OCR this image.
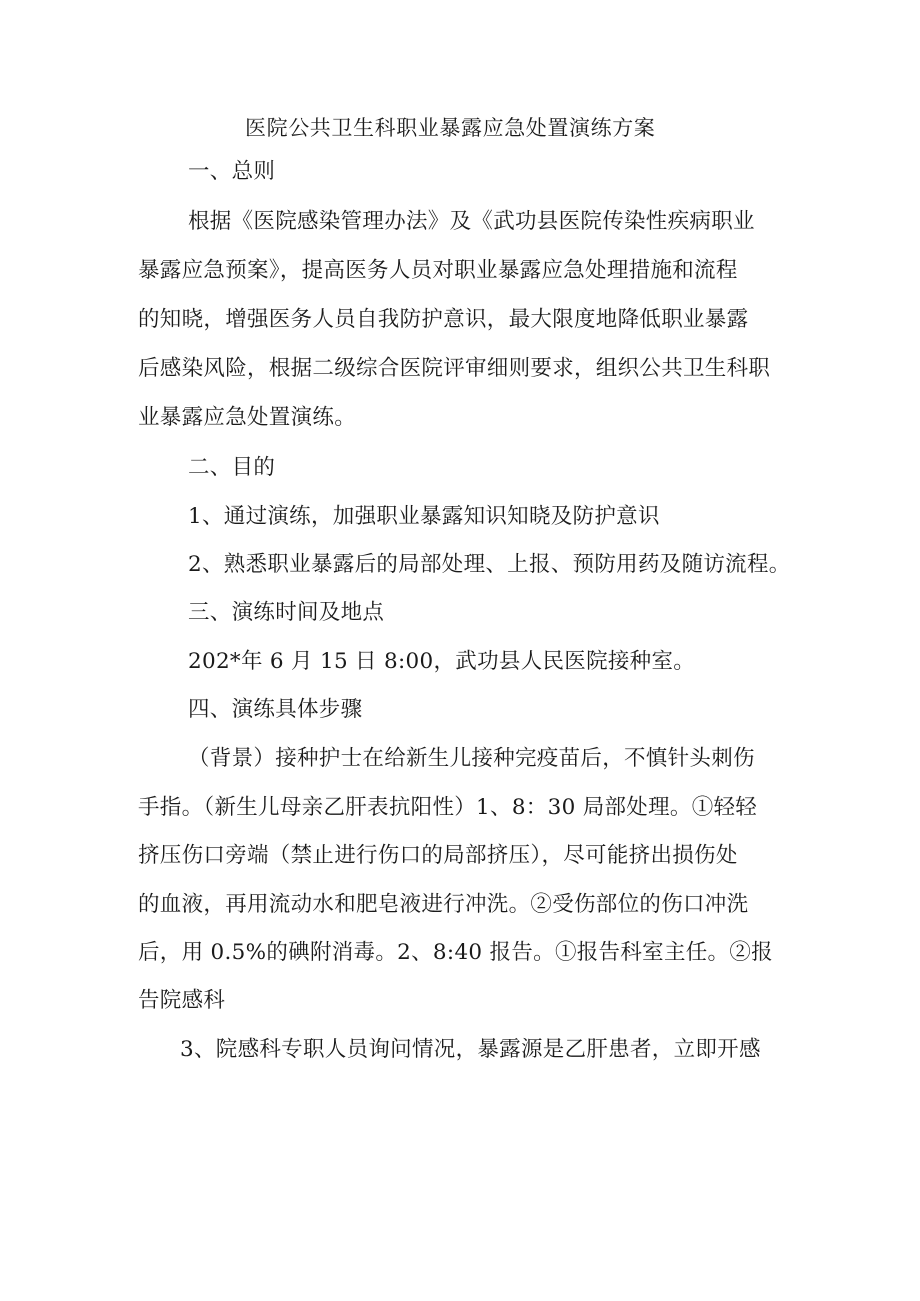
医院公共卫生科职业暴露应急处置演练方案

一、总则

根据《医院感染管理办法》及《武功县医院传染性疾病职业

暴露应急预案》，提高医务人员对职业暴露应急处理措施和流程

的知晓，增强医务人员自我防护意识，最大限度地降低职业暴露

后感染风险，根据二级综合医院评审细则要求，组织公共卫生科职

业暴露应急处置演练。

二、目的

1、通过演练，加强职业暴露知识知晓及防护意识

2、熟悉职业暴露后的局部处理、上报、预防用药及随访流程。

三、演练时间及地点

202*年 6 月 15 日 8:00，武功县人民医院接种室。

四、演练具体步骤

（背景）接种护士在给新生儿接种完疫苗后，不慎针头刺伤

手指。（新生儿母亲乙肝表抗阳性）1、8：30 局部处理。①轻轻

挤压伤口旁端（禁止进行伤口的局部挤压），尽可能挤出损伤处

的血液，再用流动水和肥皂液进行冲洗。②受伤部位的伤口冲洗

后，用 0.5%的碘附消毒。2、8:40 报告。①报告科室主任。②报

告院感科

3、院感科专职人员询问情况，暴露源是乙肝患者，立即开感
